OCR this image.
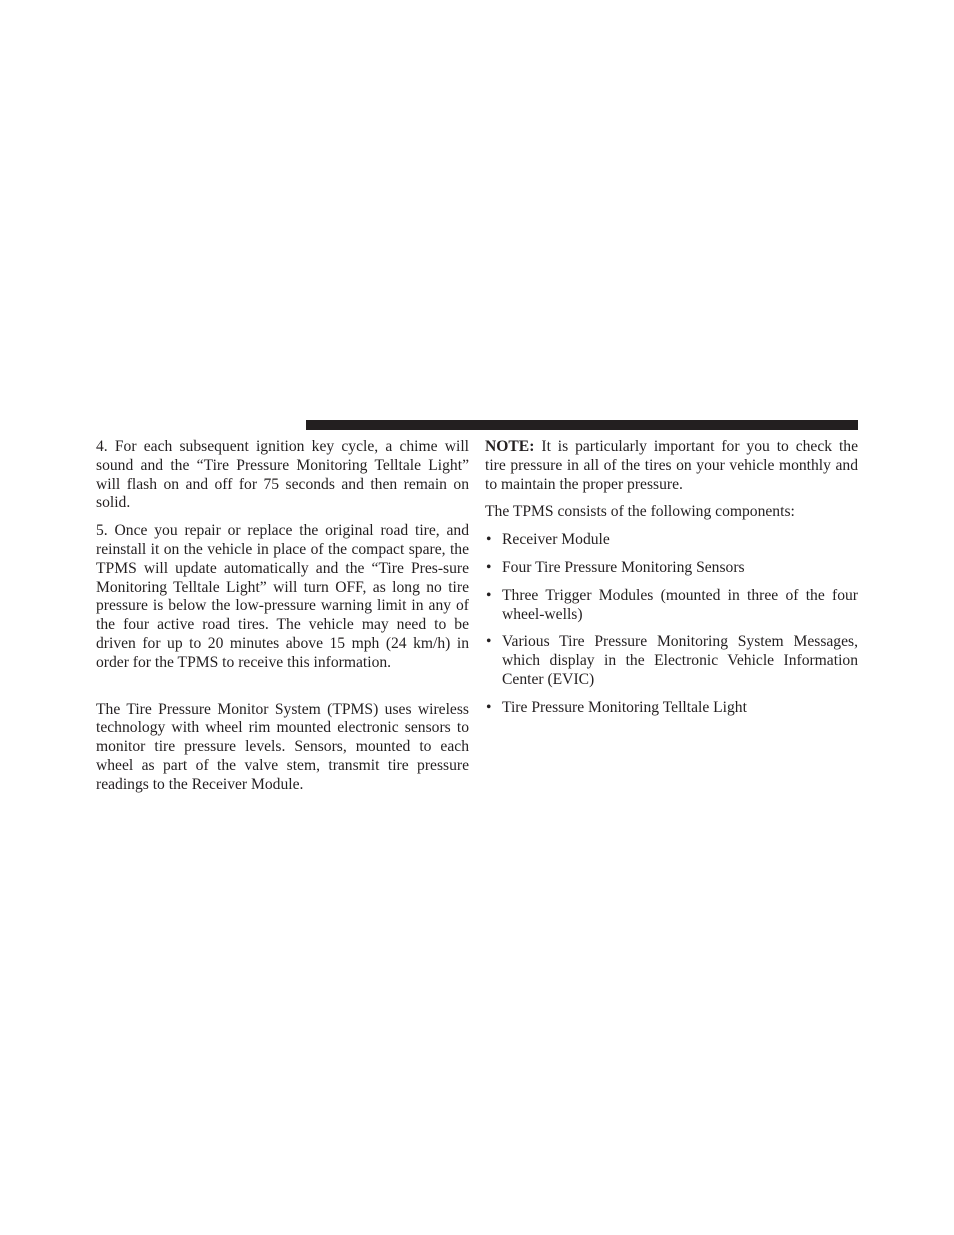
4. For each subsequent ignition key cycle, a chime will sound and the “Tire Pressure Monitoring Telltale Light” will flash on and off for 75 seconds and then remain on solid.

5. Once you repair or replace the original road tire, and reinstall it on the vehicle in place of the compact spare, the TPMS will update automatically and the “Tire Pres-sure Monitoring Telltale Light” will turn OFF, as long no tire pressure is below the low-pressure warning limit in any of the four active road tires. The vehicle may need to be driven for up to 20 minutes above 15 mph (24 km/h) in order for the TPMS to receive this information.

The Tire Pressure Monitor System (TPMS) uses wireless technology with wheel rim mounted electronic sensors to monitor tire pressure levels. Sensors, mounted to each wheel as part of the valve stem, transmit tire pressure readings to the Receiver Module.

NOTE: It is particularly important for you to check the tire pressure in all of the tires on your vehicle monthly and to maintain the proper pressure.

The TPMS consists of the following components:

• Receiver Module
• Four Tire Pressure Monitoring Sensors
• Three Trigger Modules (mounted in three of the four wheel-wells)
• Various Tire Pressure Monitoring System Messages, which display in the Electronic Vehicle Information Center (EVIC)
• Tire Pressure Monitoring Telltale Light
